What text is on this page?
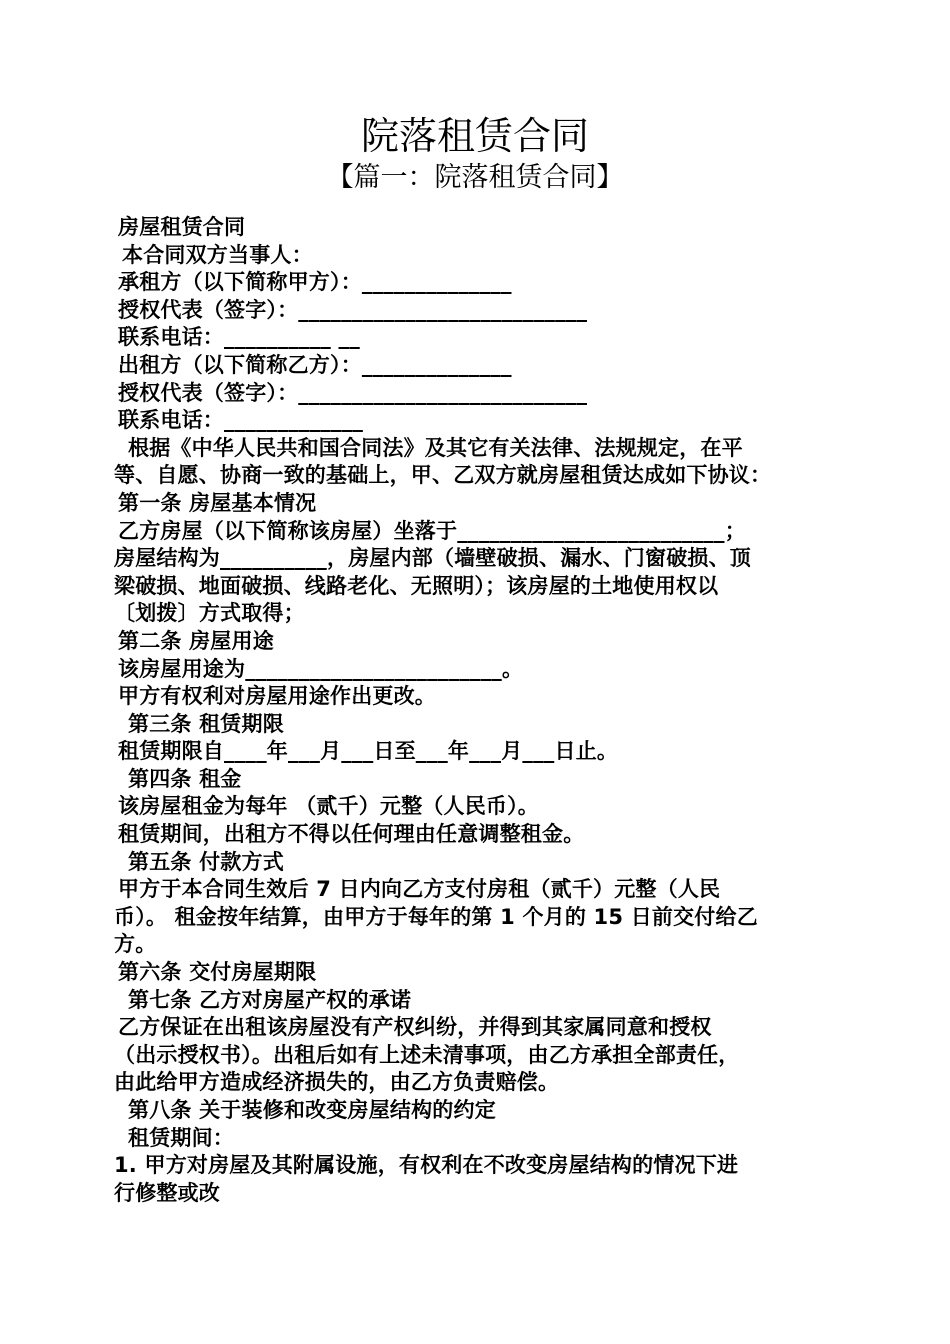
院落租赁合同
【篇一：院落租赁合同】
房屋租赁合同
本合同双方当事人：
承租方（以下简称甲方）：______________
授权代表（签字）：___________________________
联系电话：__________ __
出租方（以下简称乙方）：______________
授权代表（签字）：___________________________
联系电话：_____________
根据《中华人民共和国合同法》及其它有关法律、法规规定，在平
等、自愿、协商一致的基础上，甲、乙双方就房屋租赁达成如下协议：
第一条 房屋基本情况
乙方房屋（以下简称该房屋）坐落于_________________________；
房屋结构为__________，房屋内部（墙壁破损、漏水、门窗破损、顶
梁破损、地面破损、线路老化、无照明）；该房屋的土地使用权以
〔划拨〕方式取得；
第二条 房屋用途
该房屋用途为________________________。
甲方有权利对房屋用途作出更改。
第三条 租赁期限
租赁期限自____年___月___日至___年___月___日止。
第四条 租金
该房屋租金为每年 （贰千）元整（人民币）。
租赁期间，出租方不得以任何理由任意调整租金。
第五条 付款方式
甲方于本合同生效后 7 日内向乙方支付房租（贰千）元整（人民
币）。 租金按年结算，由甲方于每年的第 1 个月的 15 日前交付给乙
方。
第六条 交付房屋期限
第七条 乙方对房屋产权的承诺
乙方保证在出租该房屋没有产权纠纷，并得到其家属同意和授权
（出示授权书）。出租后如有上述未清事项，由乙方承担全部责任，
由此给甲方造成经济损失的，由乙方负责赔偿。
第八条 关于装修和改变房屋结构的约定
租赁期间：
1. 甲方对房屋及其附属设施，有权利在不改变房屋结构的情况下进
行修整或改
